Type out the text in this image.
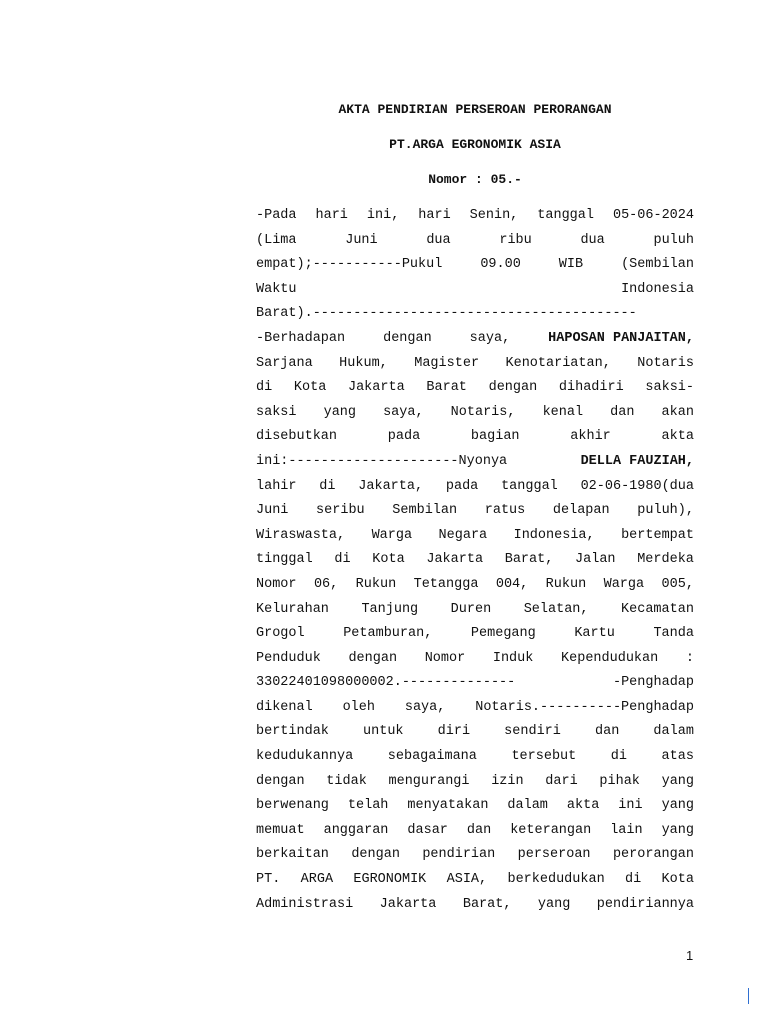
AKTA PENDIRIAN PERSEROAN PERORANGAN
PT.ARGA EGRONOMIK ASIA
Nomor : 05.-
-Pada hari ini, hari Senin, tanggal 05-06-2024
(Lima	Juni	dua	ribu	dua	puluh
empat);-----------Pukul	09.00	WIB	(Sembilan
Waktu	Indonesia
Barat).----------------------------------------
-Berhadapan	dengan	saya,	HAPOSAN PANJAITAN,
Sarjana Hukum, Magister Kenotariatan, Notaris
di Kota Jakarta Barat dengan dihadiri saksi-
saksi yang saya, Notaris, kenal dan akan
disebutkan	pada	bagian	akhir	akta
ini:---------------------Nyonya	DELLA FAUZIAH,
lahir di Jakarta, pada tanggal 02-06-1980(dua
Juni seribu Sembilan ratus delapan puluh),
Wiraswasta, Warga Negara Indonesia, bertempat
tinggal di Kota Jakarta Barat, Jalan Merdeka
Nomor 06, Rukun Tetangga 004, Rukun Warga 005,
Kelurahan Tanjung Duren Selatan, Kecamatan
Grogol	Petamburan,	Pemegang	Kartu	Tanda
Penduduk dengan Nomor Induk Kependudukan :
33022401098000002.--------------	-Penghadap
dikenal oleh saya, Notaris.----------Penghadap
bertindak	untuk	diri	sendiri	dan	dalam
kedudukannya	sebagaimana	tersebut	di	atas
dengan tidak mengurangi izin dari pihak yang
berwenang telah menyatakan dalam akta ini yang
memuat anggaran dasar dan keterangan lain yang
berkaitan dengan pendirian perseroan perorangan
PT. ARGA EGRONOMIK ASIA, berkedudukan di Kota
Administrasi Jakarta Barat, yang pendiriannya
1
